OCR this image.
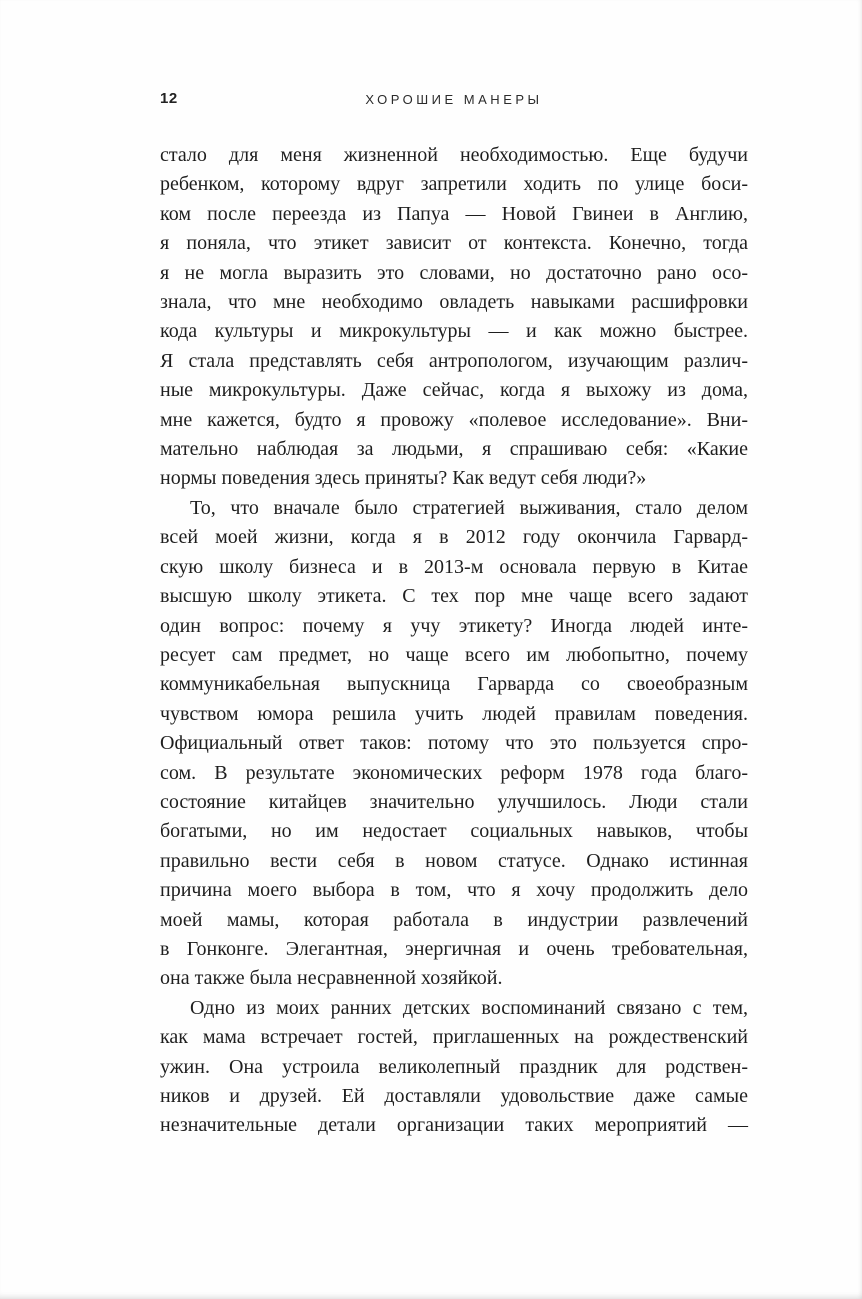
12	ХОРОШИЕ МАНЕРЫ
стало для меня жизненной необходимостью. Еще будучи
ребенком, которому вдруг запретили ходить по улице боси-
ком после переезда из Папуа — Новой Гвинеи в Англию,
я поняла, что этикет зависит от контекста. Конечно, тогда
я не могла выразить это словами, но достаточно рано осо-
знала, что мне необходимо овладеть навыками расшифровки
кода культуры и микрокультуры — и как можно быстрее.
Я стала представлять себя антропологом, изучающим различ-
ные микрокультуры. Даже сейчас, когда я выхожу из дома,
мне кажется, будто я провожу «полевое исследование». Вни-
мательно наблюдая за людьми, я спрашиваю себя: «Какие
нормы поведения здесь приняты? Как ведут себя люди?»
То, что вначале было стратегией выживания, стало делом
всей моей жизни, когда я в 2012 году окончила Гарвард-
скую школу бизнеса и в 2013-м основала первую в Китае
высшую школу этикета. С тех пор мне чаще всего задают
один вопрос: почему я учу этикету? Иногда людей инте-
ресует сам предмет, но чаще всего им любопытно, почему
коммуникабельная выпускница Гарварда со своеобразным
чувством юмора решила учить людей правилам поведения.
Официальный ответ таков: потому что это пользуется спро-
сом. В результате экономических реформ 1978 года благо-
состояние китайцев значительно улучшилось. Люди стали
богатыми, но им недостает социальных навыков, чтобы
правильно вести себя в новом статусе. Однако истинная
причина моего выбора в том, что я хочу продолжить дело
моей мамы, которая работала в индустрии развлечений
в Гонконге. Элегантная, энергичная и очень требовательная,
она также была несравненной хозяйкой.
Одно из моих ранних детских воспоминаний связано с тем,
как мама встречает гостей, приглашенных на рождественский
ужин. Она устроила великолепный праздник для родствен-
ников и друзей. Ей доставляли удовольствие даже самые
незначительные детали организации таких мероприятий —
